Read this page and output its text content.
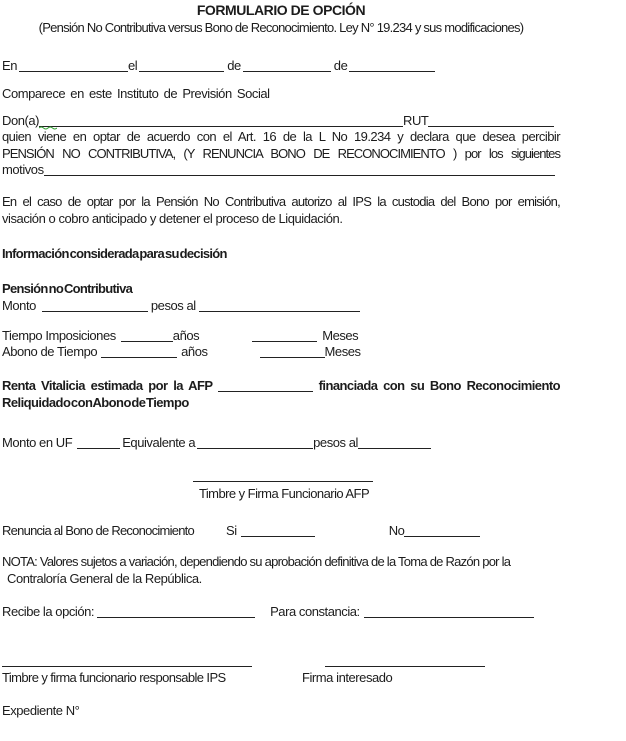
FORMULARIO DE OPCIÓN
(Pensión No Contributiva versus Bono de Reconocimiento. Ley N° 19.234 y sus modificaciones)
En	el	de	de
Comparece en este Instituto de Previsión Social
Don(a)	RUT
quien viene en optar de acuerdo con el Art. 16 de la L No 19.234 y declara que desea percibir
PENSIÓN NO CONTRIBUTIVA, (Y RENUNCIA BONO DE RECONOCIMIENTO ) por los siguientes
motivos
En el caso de optar por la Pensión No Contributiva autorizo al IPS la custodia del Bono por emisión,
visación o cobro anticipado y detener el proceso de Liquidación.
Información considerada para su decisión
Pensión no Contributiva
Monto	pesos al
Tiempo Imposiciones	años	Meses
Abono de Tiempo	años	Meses
Renta Vitalicia estimada por la AFP	financiada con su Bono Reconocimiento
Reliquidado con Abono de Tiempo
Monto en UF	Equivalente a	pesos al
Timbre y Firma Funcionario AFP
Renuncia al Bono de Reconocimiento Si	No
NOTA: Valores sujetos a variación, dependiendo su aprobación definitiva de la Toma de Razón por la
Contraloría General de la República.
Recibe la opción:	Para constancia:
Timbre y firma funcionario responsable IPS	Firma interesado
Expediente N°
